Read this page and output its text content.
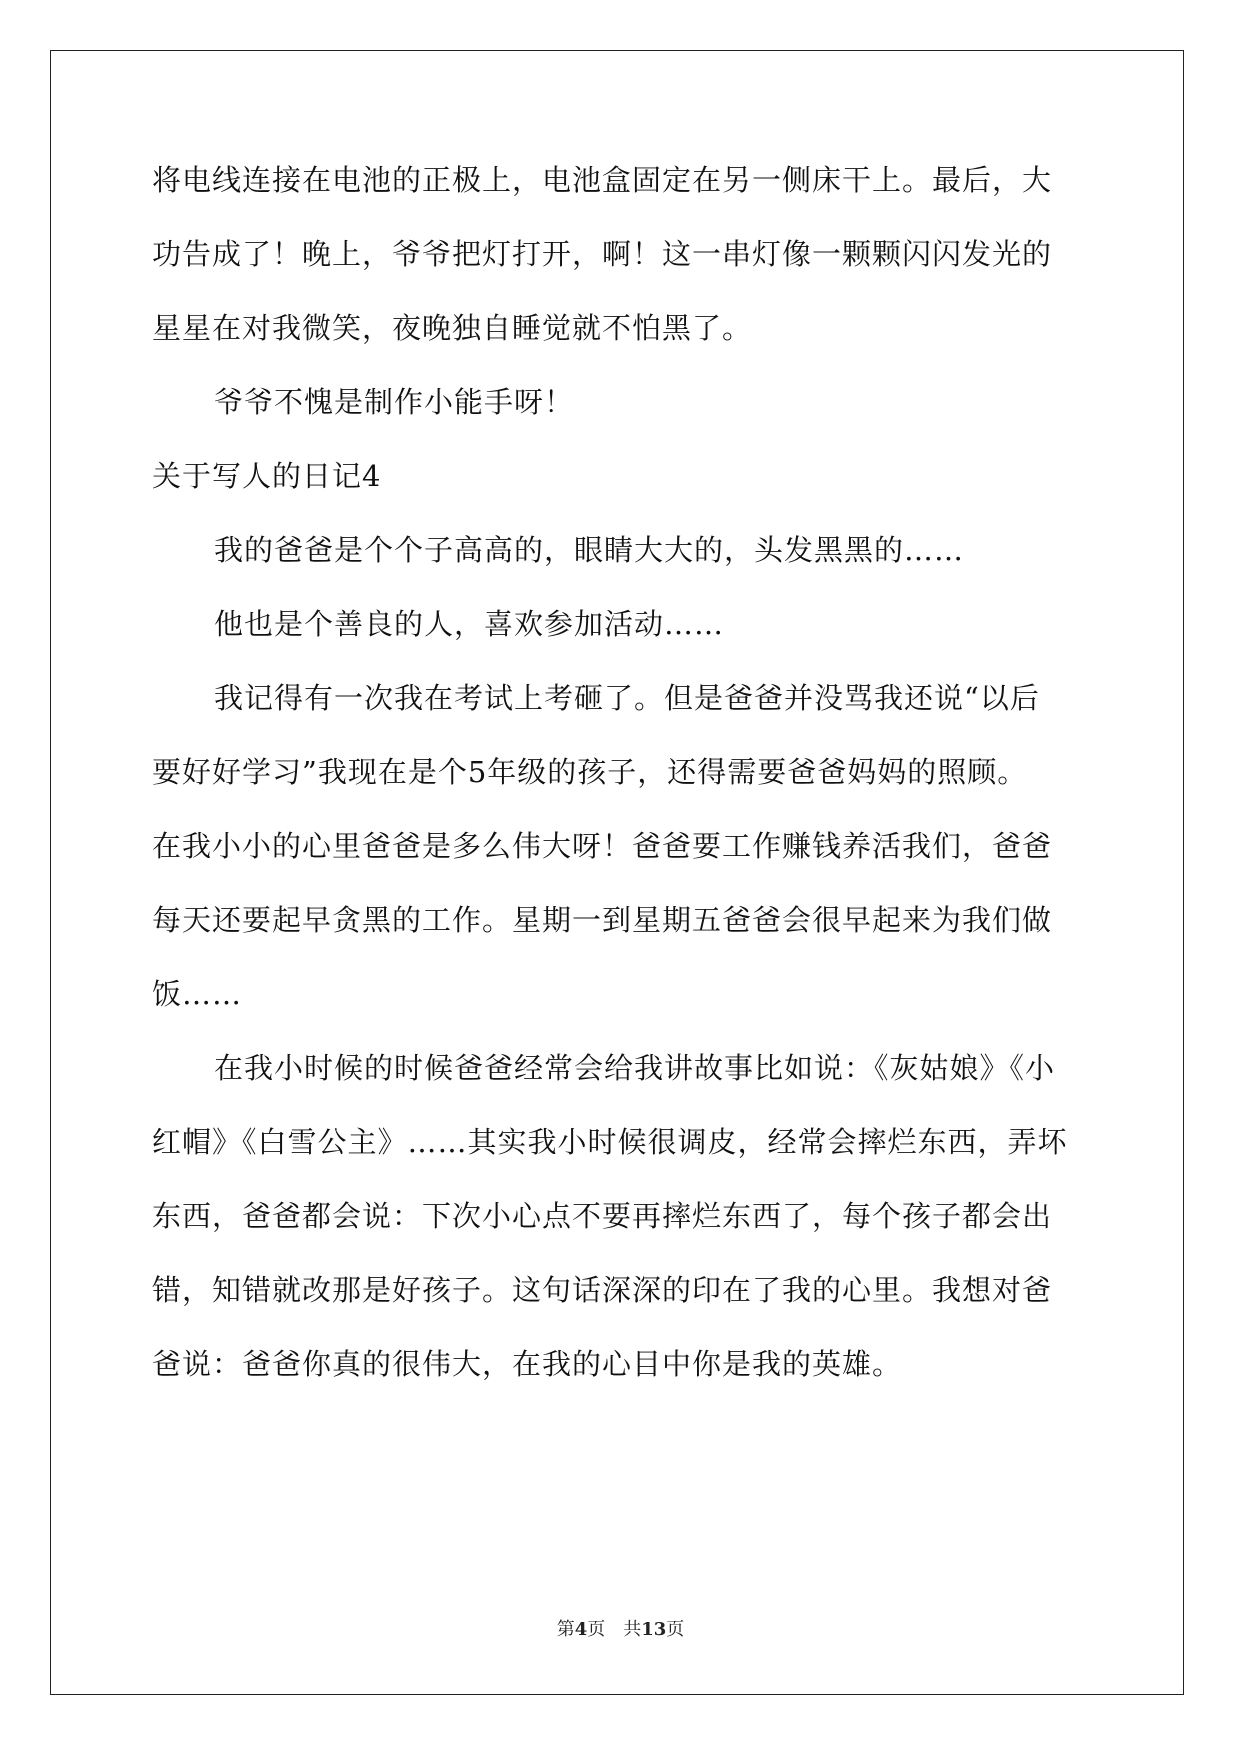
将电线连接在电池的正极上，电池盒固定在另一侧床干上。最后，大
功告成了！晚上，爷爷把灯打开，啊！这一串灯像一颗颗闪闪发光的
星星在对我微笑，夜晚独自睡觉就不怕黑了。
爷爷不愧是制作小能手呀！
关于写人的日记4
我的爸爸是个个子高高的，眼睛大大的，头发黑黑的……
他也是个善良的人，喜欢参加活动……
我记得有一次我在考试上考砸了。但是爸爸并没骂我还说“以后
要好好学习”我现在是个5年级的孩子，还得需要爸爸妈妈的照顾。
在我小小的心里爸爸是多么伟大呀！爸爸要工作赚钱养活我们，爸爸
每天还要起早贪黑的工作。星期一到星期五爸爸会很早起来为我们做
饭……
在我小时候的时候爸爸经常会给我讲故事比如说：《灰姑娘》《小
红帽》《白雪公主》……其实我小时候很调皮，经常会摔烂东西，弄坏
东西，爸爸都会说：下次小心点不要再摔烂东西了，每个孩子都会出
错，知错就改那是好孩子。这句话深深的印在了我的心里。我想对爸
爸说：爸爸你真的很伟大，在我的心目中你是我的英雄。
第4页　共13页
